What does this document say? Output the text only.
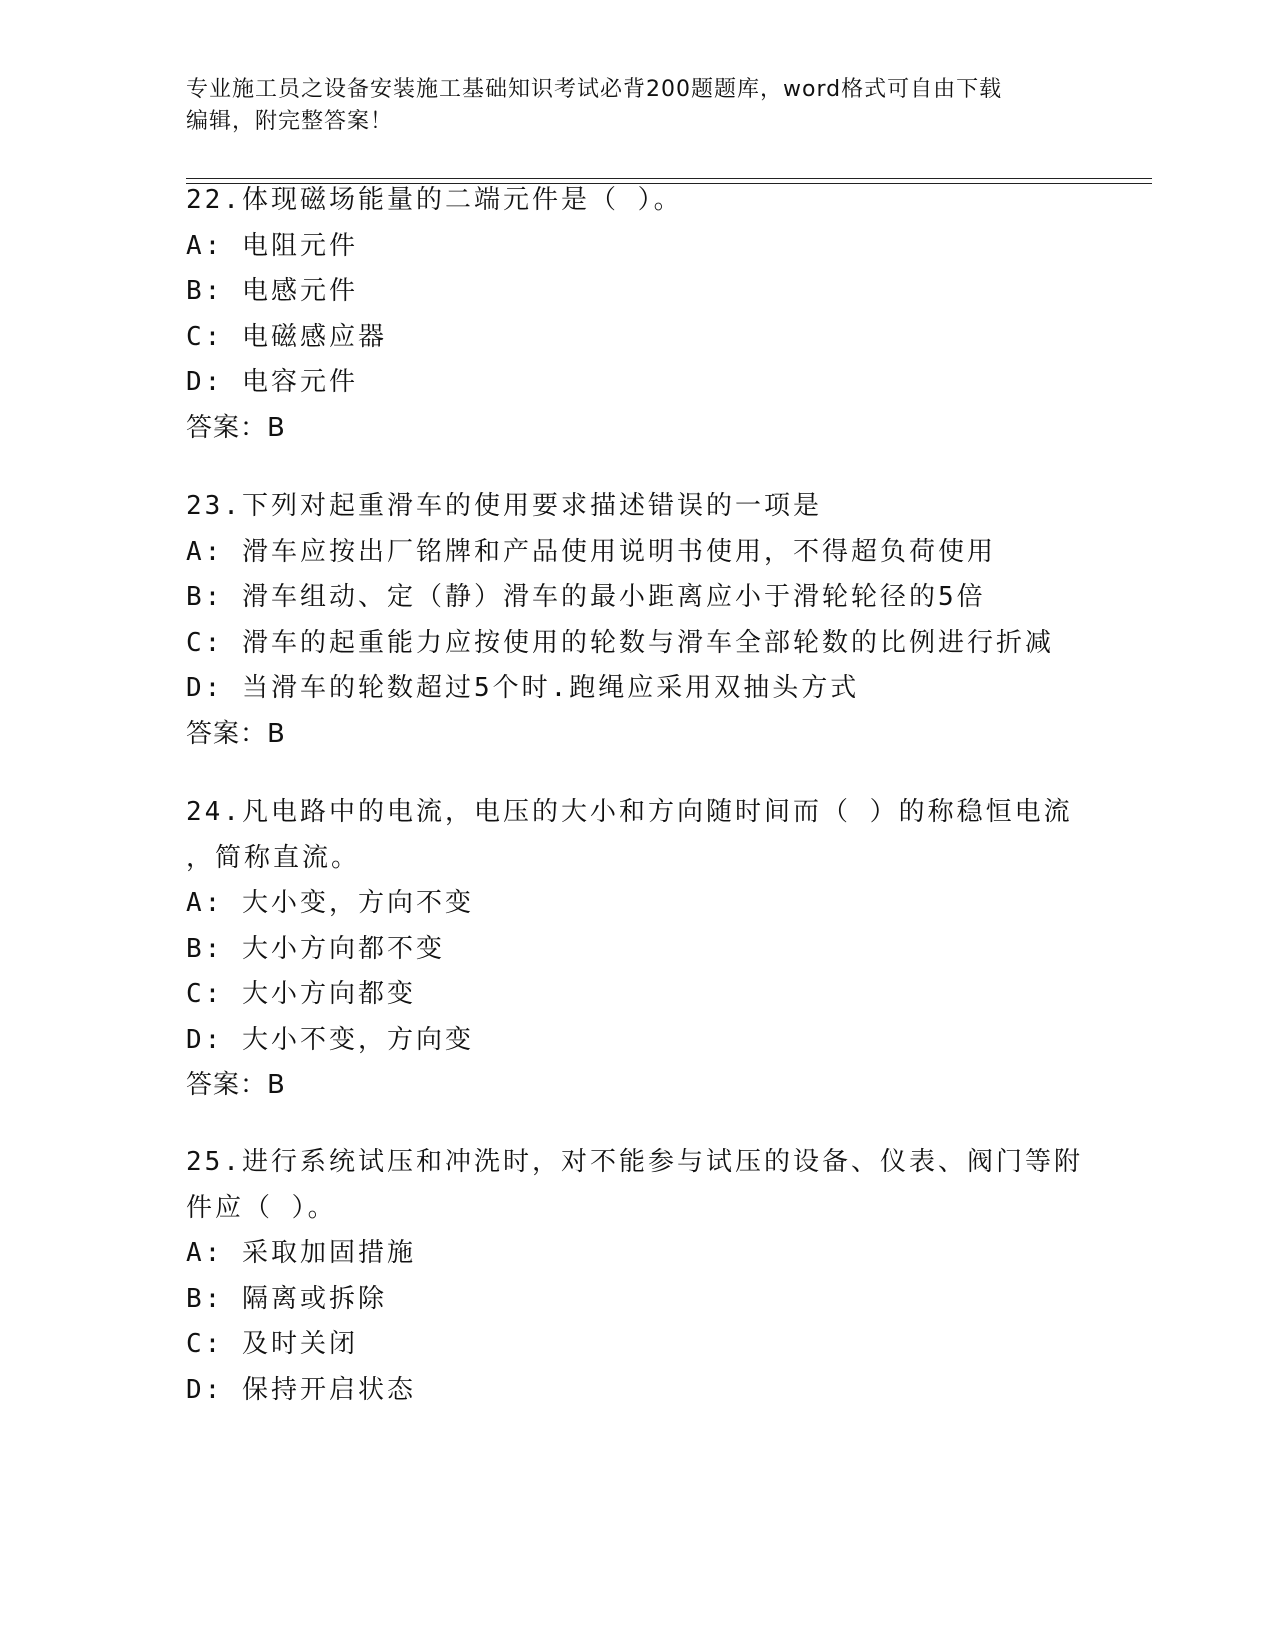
专业施工员之设备安装施工基础知识考试必背200题题库，word格式可自由下载
编辑，附完整答案！
22.体现磁场能量的二端元件是（ ）。
A: 电阻元件
B: 电感元件
C: 电磁感应器
D: 电容元件
答案：B
23.下列对起重滑车的使用要求描述错误的一项是
A: 滑车应按出厂铭牌和产品使用说明书使用，不得超负荷使用
B: 滑车组动、定（静）滑车的最小距离应小于滑轮轮径的5倍
C: 滑车的起重能力应按使用的轮数与滑车全部轮数的比例进行折减
D: 当滑车的轮数超过5个时.跑绳应采用双抽头方式
答案：B
24.凡电路中的电流，电压的大小和方向随时间而（ ）的称稳恒电流
，简称直流。
A: 大小变，方向不变
B: 大小方向都不变
C: 大小方向都变
D: 大小不变，方向变
答案：B
25.进行系统试压和冲洗时，对不能参与试压的设备、仪表、阀门等附
件应（ ）。
A: 采取加固措施
B: 隔离或拆除
C: 及时关闭
D: 保持开启状态
